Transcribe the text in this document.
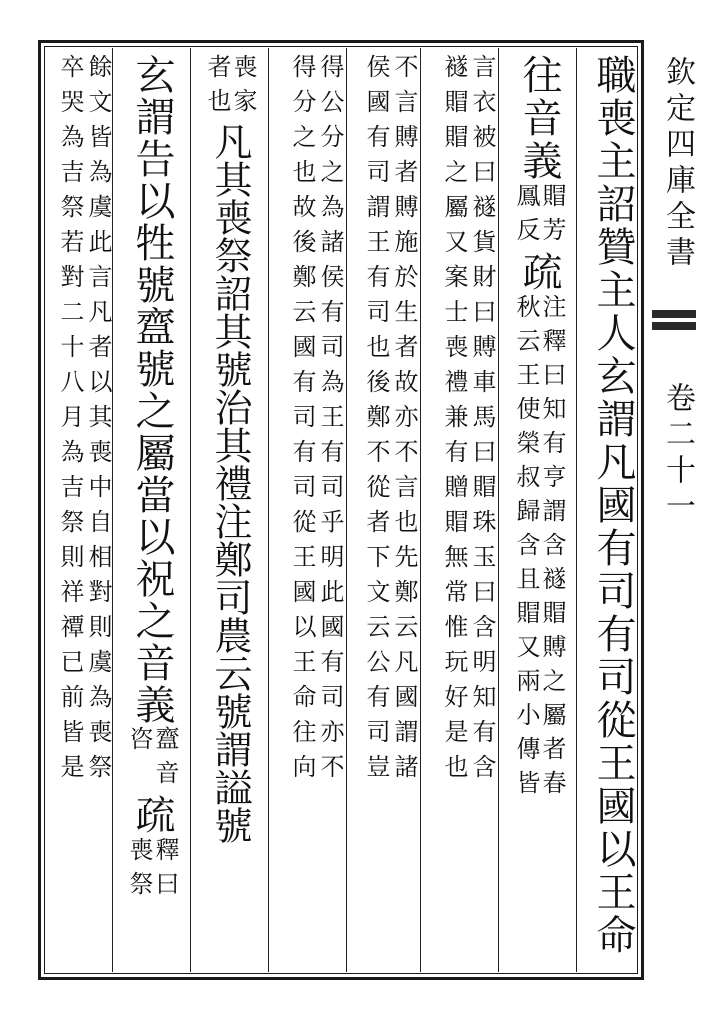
欽定四庫全書
卷二十一
職喪主詔贊主人玄謂凡國有司有司從王國以王命
往音義
賵芳
鳳反
疏
注釋曰知有亨謂含襚賵賻之屬者春
秋云王使榮叔歸含且賵又兩小傳皆
言衣被曰襚貨財曰賻車馬曰賵珠玉曰含明知有含
襚賵賵之屬又案士喪禮兼有贈賵無常惟玩好是也
不言賻者賻施於生者故亦不言也先鄭云凡國謂諸
侯國有司謂王有司也後鄭不從者下文云公有司豈
得公分之為諸侯有司為王有司乎明此國有司亦不
得分之也故後鄭云國有司有司從王國以王命往向
喪家
者也
凡其喪祭詔其號治其禮注鄭司農云號謂謚號
玄謂告以牲號齍號之屬當以祝之音義
齍音
咨
疏
釋曰
喪祭
餘文皆為虞此言凡者以其喪中自相對則虞為喪祭
卒哭為吉祭若對二十八月為吉祭則祥禫已前皆是
